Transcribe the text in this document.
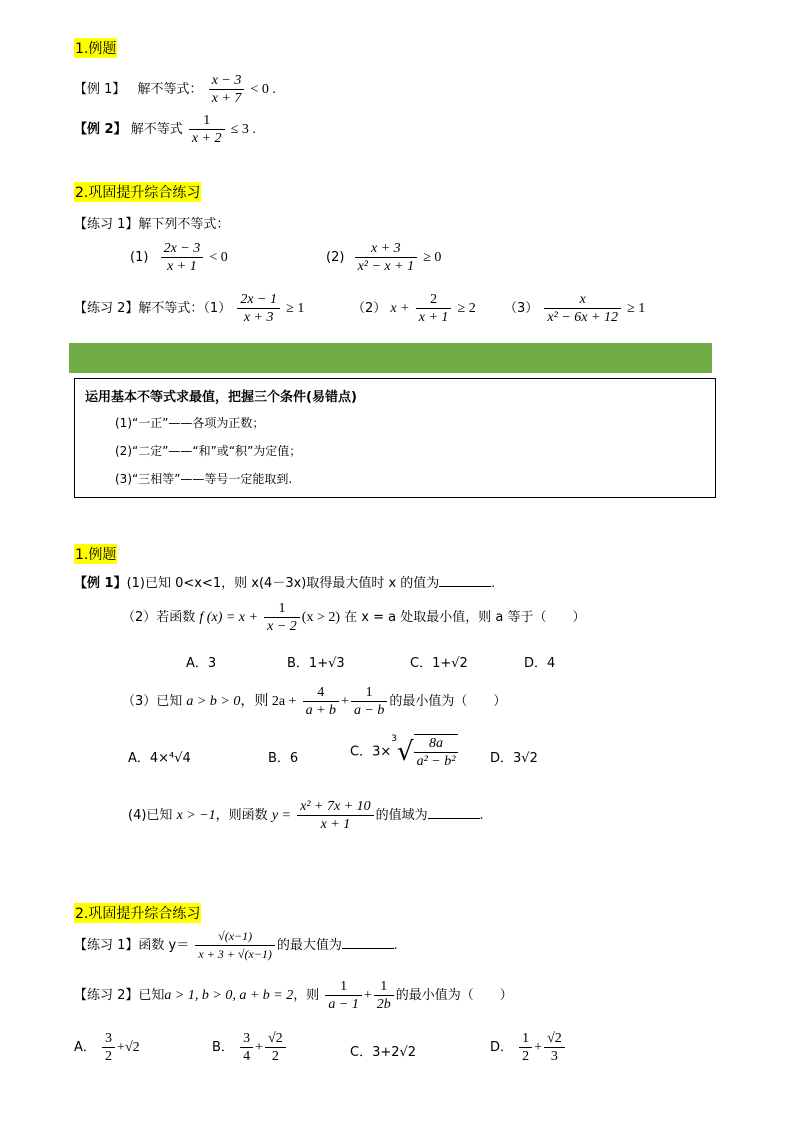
1.例题
【例 1】 解不等式： $\frac{x - 3}{x + 7} < 0$ .
【例 2】 解不等式 $\frac{1}{x + 2} \le 3$ .
2.巩固提升综合练习
【练习 1】解下列不等式：
$(1) \frac{2x - 3}{x + 1} < 0$	$(2) \frac{x + 3}{\text{x² − x + 1}} \ge 0$
【练习 2】解不等式：$(1) \frac{2x - 1}{x + 3} \ge 1$	（2） $x + \frac{2}{x + 1} \ge 2$ $(3) \frac{x}{\text{x² − 6x + 12}} \ge 1$
运用基本不等式求最值，把握三个条件(易错点)
(1)“一正”——各项为正数；
(2)“二定”——“和”或“积”为定值；
(3)“三相等”——等号一定能取到.
1.例题
【例 1】(1)已知 0<x<1，则 x(4－3x)取得最大值时 x 的值为	.
（2）若函数 f $(x) = x + \frac{1}{x - 2} (x > 2)$ 在 x = a 处取最小值，则 a 等于（　　）
A．3	B．1+√3	C．1+√2	D．4
（3）已知 a > b > 0，则 $2a + \frac{4}{a + b} + \frac{1}{a - b}$ 的最小值为（　　）
A．4×⁴√4	B．6	C．$3\times^3√ \frac{8a}{\text{a² − b²}}$ D．3√2
(4)已知 x > −1，则函数 $y = \frac{\text{x² + 7x + 10}}{x + 1}$ 的值域为	.
2.巩固提升综合练习
【练习 1】函数 $y= \frac{√(x-1)}{x + 3 + √(x-1)}$ 的最大值为	.
【练习 2】已知a > 1, b > 0, a + b = 2，则 $\frac{1}{a - 1} + \frac{1}{2b}$ 的最小值为（　　）
A． $\frac{3}{2} +√2$	B． $\frac{3}{4} + \frac{√2}{2}$	C．3+2√2	D． $\frac{1}{2} + \frac{√2}{3}$
